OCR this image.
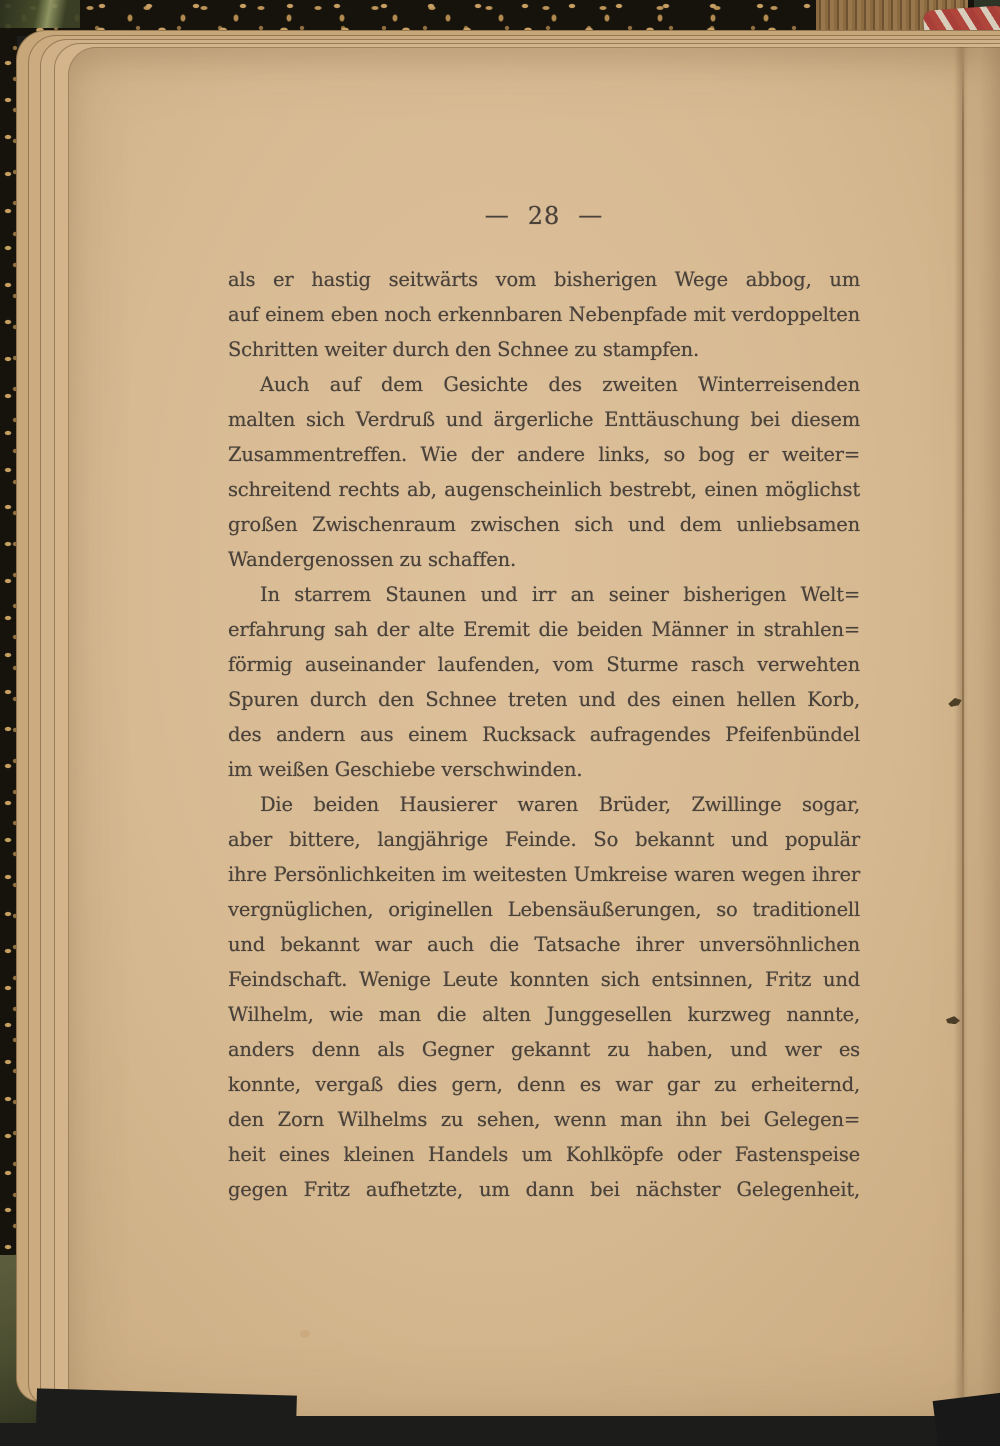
— 28 —
als er hastig seitwärts vom bisherigen Wege abbog, um
auf einem eben noch erkennbaren Nebenpfade mit verdoppelten
Schritten weiter durch den Schnee zu stampfen.
Auch auf dem Gesichte des zweiten Winterreisenden
malten sich Verdruß und ärgerliche Enttäuschung bei diesem
Zusammentreffen. Wie der andere links, so bog er weiter=
schreitend rechts ab, augenscheinlich bestrebt, einen möglichst
großen Zwischenraum zwischen sich und dem unliebsamen
Wandergenossen zu schaffen.
In starrem Staunen und irr an seiner bisherigen Welt=
erfahrung sah der alte Eremit die beiden Männer in strahlen=
förmig auseinander laufenden, vom Sturme rasch verwehten
Spuren durch den Schnee treten und des einen hellen Korb,
des andern aus einem Rucksack aufragendes Pfeifenbündel
im weißen Geschiebe verschwinden.
Die beiden Hausierer waren Brüder, Zwillinge sogar,
aber bittere, langjährige Feinde. So bekannt und populär
ihre Persönlichkeiten im weitesten Umkreise waren wegen ihrer
vergnüglichen, originellen Lebensäußerungen, so traditionell
und bekannt war auch die Tatsache ihrer unversöhnlichen
Feindschaft. Wenige Leute konnten sich entsinnen, Fritz und
Wilhelm, wie man die alten Junggesellen kurzweg nannte,
anders denn als Gegner gekannt zu haben, und wer es
konnte, vergaß dies gern, denn es war gar zu erheiternd,
den Zorn Wilhelms zu sehen, wenn man ihn bei Gelegen=
heit eines kleinen Handels um Kohlköpfe oder Fastenspeise
gegen Fritz aufhetzte, um dann bei nächster Gelegenheit,
